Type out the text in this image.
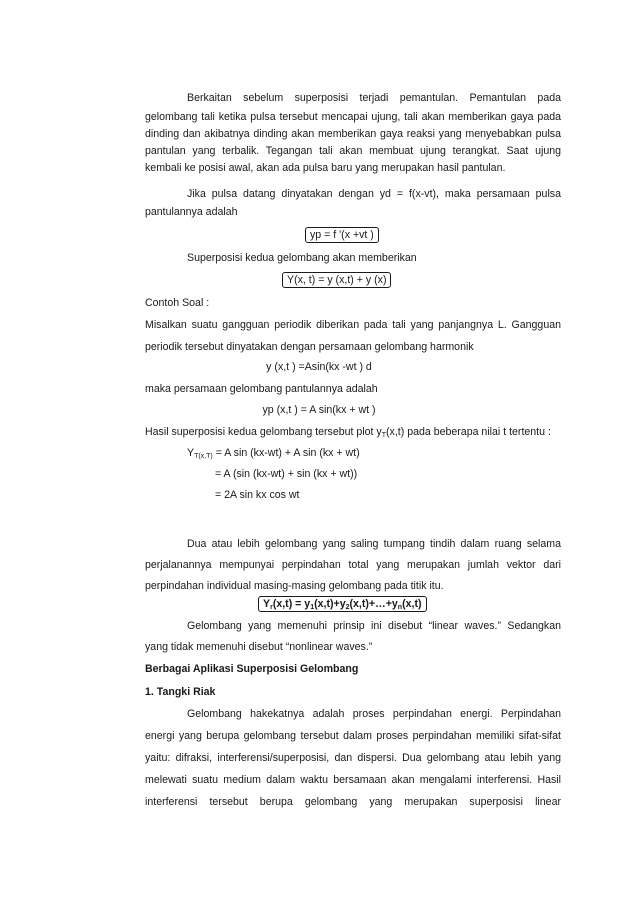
Berkaitan sebelum superposisi terjadi pemantulan. Pemantulan pada
gelombang tali ketika pulsa tersebut mencapai ujung, tali akan memberikan gaya pada
dinding dan akibatnya dinding akan memberikan gaya reaksi yang menyebabkan pulsa
pantulan yang terbalik. Tegangan tali akan membuat ujung terangkat. Saat ujung
kembali ke posisi awal, akan ada pulsa baru yang merupakan hasil pantulan.
Jika pulsa datang dinyatakan dengan yd = f(x-vt), maka persamaan pulsa
pantulannya adalah
yp = f '(x +vt )
Superposisi kedua gelombang akan memberikan
Y(x, t) = y (x,t) + y (x)
Contoh Soal :
Misalkan suatu gangguan periodik diberikan pada tali yang panjangnya L. Gangguan
periodik tersebut dinyatakan dengan persamaan gelombang harmonik
y (x,t ) =Asin(kx -wt ) d
maka persamaan gelombang pantulannya adalah
yp (x,t ) = A sin(kx + wt )
Hasil superposisi kedua gelombang tersebut plot $y_T(x,t)$ pada beberapa nilai t tertentu :
$Y_{T(x,T)} = A$ sin (kx-wt) + A sin (kx + wt)
= A (sin (kx-wt) + sin (kx + wt))
= 2A sin kx cos wt
Dua atau lebih gelombang yang saling tumpang tindih dalam ruang selama
perjalanannya mempunyai perpindahan total yang merupakan jumlah vektor dari
perpindahan individual masing-masing gelombang pada titik itu.
$Y_r(x,t)$ = $y_1(x,t)+y_2(x,t)+\dots+y_n(x,t)$
Gelombang yang memenuhi prinsip ini disebut “linear waves.” Sedangkan
yang tidak memenuhi disebut “nonlinear waves.”
Berbagai Aplikasi Superposisi Gelombang
1. Tangki Riak
Gelombang hakekatnya adalah proses perpindahan energi. Perpindahan
energi yang berupa gelombang tersebut dalam proses perpindahan memiliki sifat-sifat
yaitu: difraksi, interferensi/superposisi, dan dispersi. Dua gelombang atau lebih yang
melewati suatu medium dalam waktu bersamaan akan mengalami interferensi. Hasil
interferensi tersebut berupa gelombang yang merupakan superposisi linear
